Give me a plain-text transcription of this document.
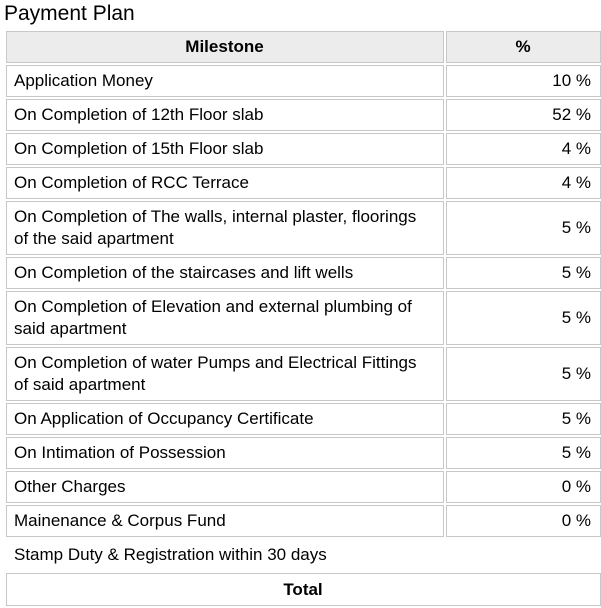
Payment Plan
Milestone	%
Application Money	10 %
On Completion of 12th Floor slab	52 %
On Completion of 15th Floor slab	4 %
On Completion of RCC Terrace	4 %
On Completion of The walls, internal plaster, floorings of the said apartment	5 %
On Completion of the staircases and lift wells	5 %
On Completion of Elevation and external plumbing of said apartment	5 %
On Completion of water Pumps and Electrical Fittings of said apartment	5 %
On Application of Occupancy Certificate	5 %
On Intimation of Possession	5 %
Other Charges	0 %
Mainenance & Corpus Fund	0 %
Stamp Duty & Registration within 30 days	
Total	
